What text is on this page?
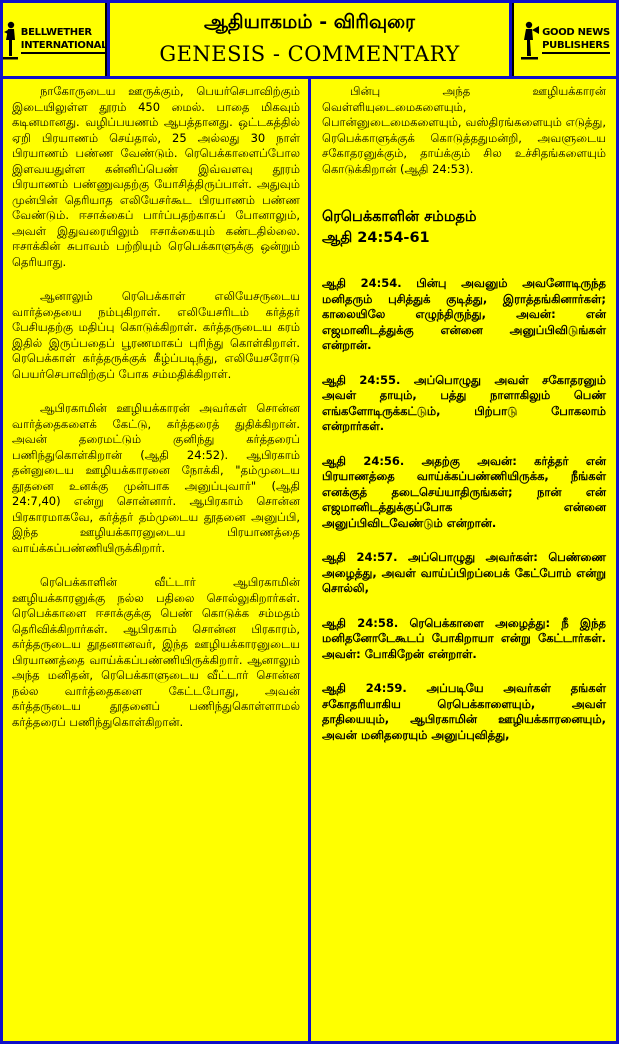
BELLWETHER
INTERNATIONAL
ஆதியாகமம் - விரிவுரை
GENESIS - COMMENTARY
GOOD NEWS
PUBLISHERS

நாகோருடைய ஊருக்கும், பெயர்செபாவிற்கும் இடையிலுள்ள தூரம் 450 மைல். பாதை மிகவும் கடினமானது. வழிப்பயணம் ஆபத்தானது. ஒட்டகத்தில் ஏறி பிரயாணம் செய்தால், 25 அல்லது 30 நாள் பிரயாணம் பண்ண வேண்டும். ரெபெக்காளைப்போல இளவயதுள்ள கன்னிப்பெண் இவ்வளவு தூரம் பிரயாணம் பண்ணுவதற்கு யோசித்திருப்பாள். அதுவும் முன்பின் தெரியாத எலியேசர்கூட பிரயாணம் பண்ண வேண்டும். ஈசாக்கைப் பார்ப்பதற்காகப் போனாலும், அவள் இதுவரையிலும் ஈசாக்கையும் கண்டதில்லை. ஈசாக்கின் சுபாவம் பற்றியும் ரெபெக்காளுக்கு ஒன்றும் தெரியாது.

ஆனாலும் ரெபெக்காள் எலியேசருடைய வார்த்தையை நம்புகிறாள். எலியேசரிடம் கர்த்தர் பேசியதற்கு மதிப்பு கொடுக்கிறாள். கர்த்தருடைய கரம் இதில் இருப்பதைப் பூரணமாகப் புரிந்து கொள்கிறாள். ரெபெக்காள் கர்த்தருக்குக் கீழ்ப்படிந்து, எலியேசரோடு பெயர்செபாவிற்குப் போக சம்மதிக்கிறாள்.

ஆபிரகாமின் ஊழியக்காரன் அவர்கள் சொன்ன வார்த்தைகளைக் கேட்டு, கர்த்தரைத் துதிக்கிறான். அவன் தரைமட்டும் குனிந்து கர்த்தரைப் பணிந்துகொள்கிறான் (ஆதி 24:52). ஆபிரகாம் தன்னுடைய ஊழியக்காரனை நோக்கி, "தம்முடைய தூதனை உனக்கு முன்பாக அனுப்புவார்" (ஆதி 24:7,40) என்று சொன்னார். ஆபிரகாம் சொன்ன பிரகாரமாகவே, கர்த்தர் தம்முடைய தூதனை அனுப்பி, இந்த ஊழியக்காரனுடைய பிரயாணத்தை வாய்க்கப்பண்ணியிருக்கிறார்.

ரெபெக்காளின் வீட்டார் ஆபிரகாமின் ஊழியக்காரனுக்கு நல்ல பதிலை சொல்லுகிறார்கள். ரெபெக்காளை ஈசாக்குக்கு பெண் கொடுக்க சம்மதம் தெரிவிக்கிறார்கள். ஆபிரகாம் சொன்ன பிரகாரம், கர்த்தருடைய தூதனானவர், இந்த ஊழியக்காரனுடைய பிரயாணத்தை வாய்க்கப்பண்ணியிருக்கிறார். ஆனாலும் அந்த மனிதன், ரெபெக்காளுடைய வீட்டார் சொன்ன நல்ல வார்த்தைகளை கேட்டபோது, அவன் கர்த்தருடைய தூதனைப் பணிந்துகொள்ளாமல் கர்த்தரைப் பணிந்துகொள்கிறான்.

பின்பு அந்த ஊழியக்காரன் வெள்ளியுடைமைகளையும், பொன்னுடைமைகளையும், வஸ்திரங்களையும் எடுத்து, ரெபெக்காளுக்குக் கொடுத்ததுமன்றி, அவளுடைய சகோதரனுக்கும், தாய்க்கும் சில உச்சிதங்களையும் கொடுக்கிறான் (ஆதி 24:53).

ரெபெக்காளின் சம்மதம்
ஆதி 24:54-61

ஆதி 24:54. பின்பு அவனும் அவனோடிருந்த மனிதரும் புசித்துக் குடித்து, இராத்தங்கினார்கள்; காலையிலே எழுந்திருந்து, அவன்: என் எஜமானிடத்துக்கு என்னை அனுப்பிவிடுங்கள் என்றான்.

ஆதி 24:55. அப்பொழுது அவள் சகோதரனும் அவள் தாயும், பத்து நாளாகிலும் பெண் எங்களோடிருக்கட்டும், பிற்பாடு போகலாம் என்றார்கள்.

ஆதி 24:56. அதற்கு அவன்: கர்த்தர் என் பிரயாணத்தை வாய்க்கப்பண்ணியிருக்க, நீங்கள் எனக்குத் தடைசெய்யாதிருங்கள்; நான் என் எஜமானிடத்துக்குப்போக என்னை அனுப்பிவிடவேண்டும் என்றான்.

ஆதி 24:57. அப்பொழுது அவர்கள்: பெண்ணை அழைத்து, அவள் வாய்ப்பிறப்பைக் கேட்போம் என்று சொல்லி,

ஆதி 24:58. ரெபெக்காளை அழைத்து: நீ இந்த மனிதனோடேகூடப் போகிறாயா என்று கேட்டார்கள். அவள்: போகிறேன் என்றாள்.

ஆதி 24:59. அப்படியே அவர்கள் தங்கள் சகோதரியாகிய ரெபெக்காளையும், அவள் தாதியையும், ஆபிரகாமின் ஊழியக்காரனையும், அவன் மனிதரையும் அனுப்புவித்து,
